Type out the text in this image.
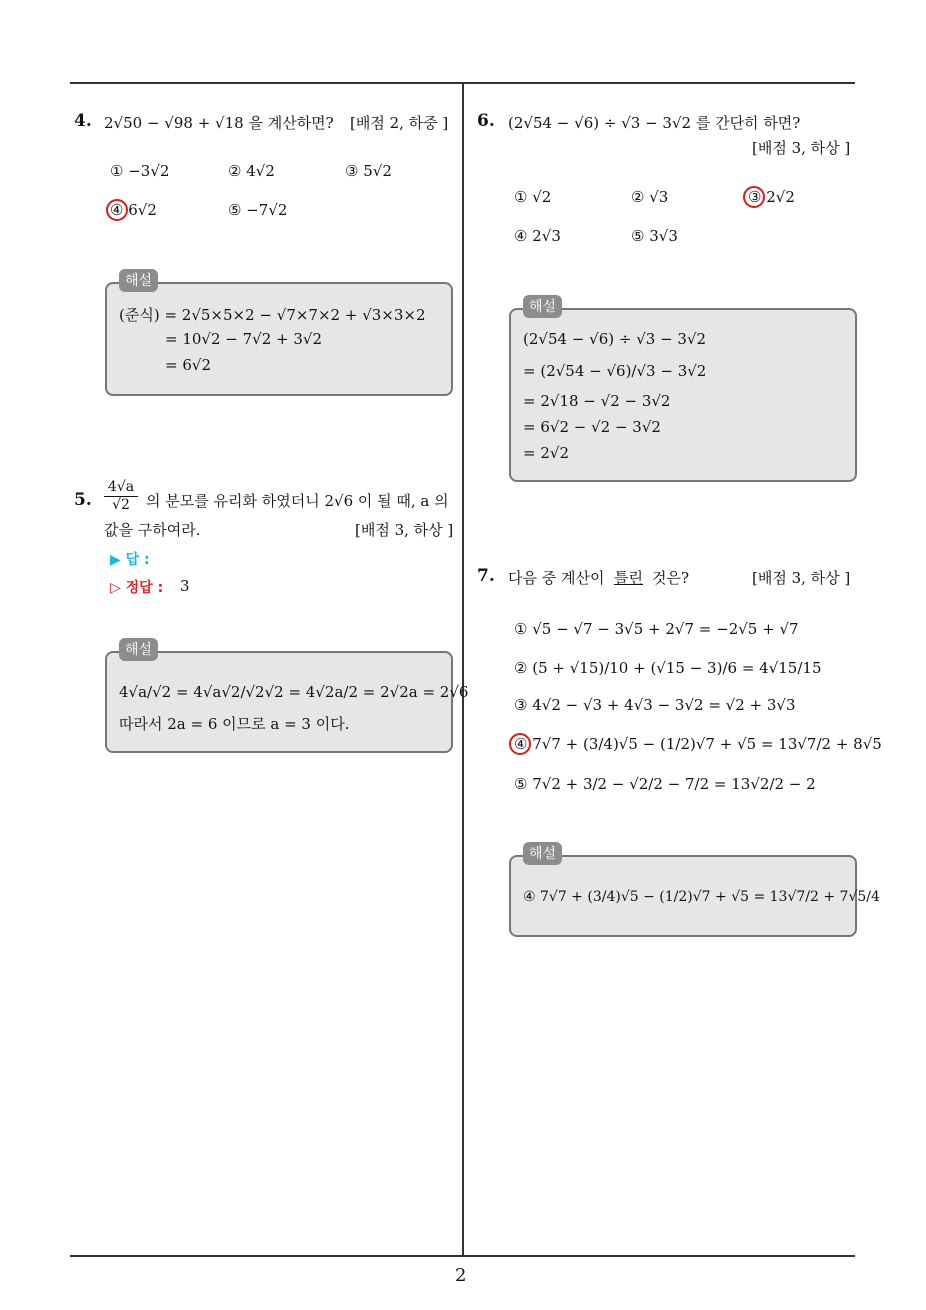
2
4. 2√50 − √98 + √18 을 계산하면? [배점 2, 하중 ]
① −3√2	② 4√2	③ 5√2
④ 6√2	⑤ −7√2
(준식) = 2√5×5×2 − √7×7×2 + √3×3×2
= 10√2 − 7√2 + 3√2
= 6√2
해설
5.
4√a
√2	의 분모를 유리화 하였더니 2√6 이 될 때, a 의
값을 구하여라.	[배점 3, 하상 ]
▶ 답 :
▷ 정답 : 3
4√a/√2 = 4√a√2/√2√2 = 4√2a/2 = 2√2a = 2√6
따라서 2a = 6 이므로 a = 3 이다.
해설
6. (2√54 − √6) ÷ √3 − 3√2 를 간단히 하면?
[배점 3, 하상 ]
① √2	② √3	③ 2√2
④ 2√3	⑤ 3√3
(2√54 − √6) ÷ √3 − 3√2
= (2√54 − √6)/√3 − 3√2
= 2√18 − √2 − 3√2
= 6√2 − √2 − 3√2
= 2√2
해설
7. 다음 중 계산이 틀린 것은?	[배점 3, 하상 ]
① √5 − √7 − 3√5 + 2√7 = −2√5 + √7
② (5 + √15)/10 + (√15 − 3)/6 = 4√15/15
③ 4√2 − √3 + 4√3 − 3√2 = √2 + 3√3
④ 7√7 + (3/4)√5 − (1/2)√7 + √5 = 13√7/2 + 8√5
⑤ 7√2 + 3/2 − √2/2 − 7/2 = 13√2/2 − 2
④ 7√7 + (3/4)√5 − (1/2)√7 + √5 = 13√7/2 + 7√5/4
해설
